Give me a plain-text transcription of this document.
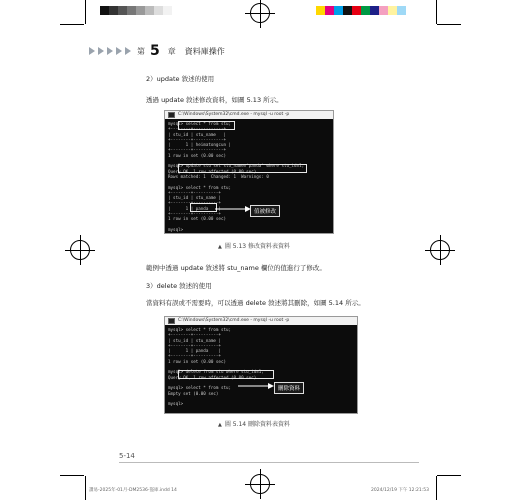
第 5 章 資料庫操作
2）update 敘述的使用
透過 update 敘述修改資料，如圖 5.13 所示。
C:\Windows\System32\cmd.exe - mysql -u root -p
mysql> select * from stu;
+--------+------------+
| stu_id | stu_name   |
+--------+------------+
|      1 | heimatongcun |
+--------+------------+
1 row in set (0.00 sec)

mysql> update stu set stu_name='panda' where stu_id=1;
Query OK, 1 row affected (0.00 sec)
Rows matched: 1  Changed: 1  Warnings: 0

mysql> select * from stu;
+--------+----------+
| stu_id | stu_name |
+--------+----------+
|      1 | panda    |
+--------+----------+
1 row in set (0.00 sec)

mysql>
值被修改
▲ 圖 5.13 修改資料表資料
範例中透過 update 敘述將 stu_name 欄位的值進行了修改。
3）delete 敘述的使用
當資料有誤或不需要時，可以透過 delete 敘述將其刪除，如圖 5.14 所示。
C:\Windows\System32\cmd.exe - mysql -u root -p
mysql> select * from stu;
+--------+----------+
| stu_id | stu_name |
+--------+----------+
|      1 | panda    |
+--------+----------+
1 row in set (0.00 sec)

mysql> delete from stu where stu_id=1;
Query OK, 1 row affected (0.00 sec)

mysql> select * from stu;
Empty set (0.00 sec)

mysql>
刪除資料
▲ 圖 5.14 刪除資料表資料
5-14
讚易-2025年-01月-DM2536-盜庫.indd 14	2024/12/19 下午 12:21:53
